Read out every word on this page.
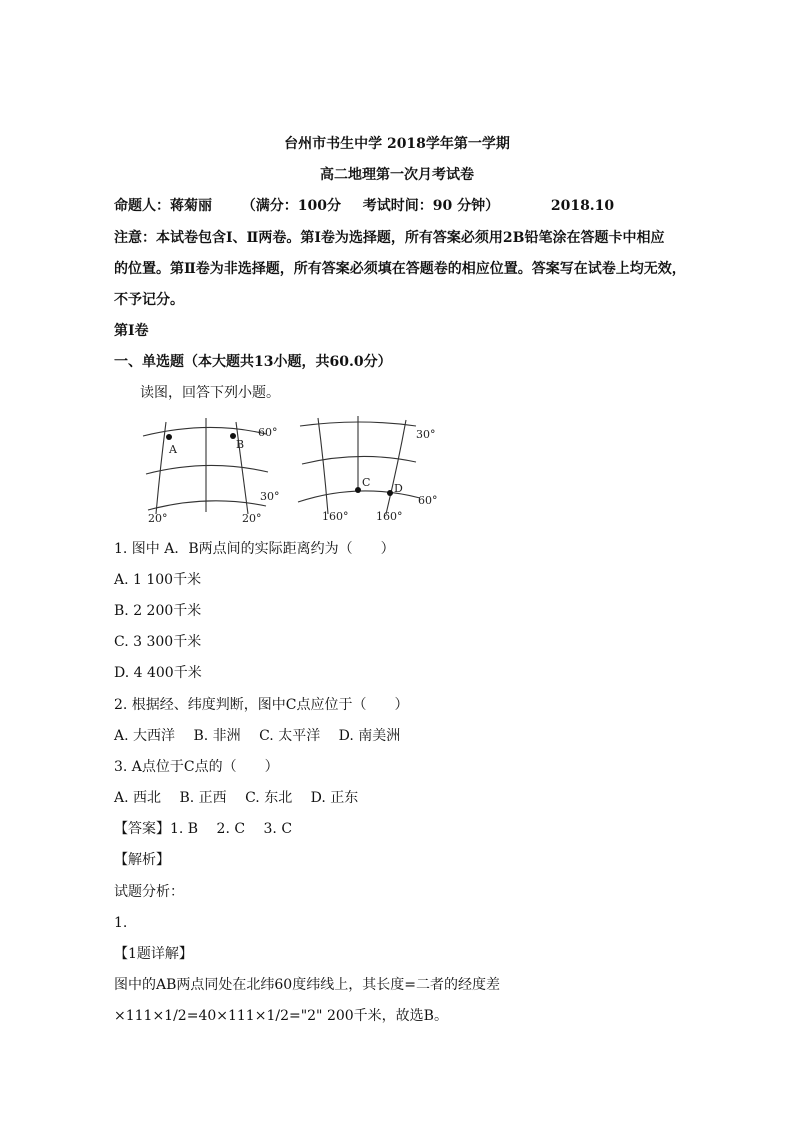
台州市书生中学 2018学年第一学期
高二地理第一次月考试卷
命题人：蒋菊丽 （满分：100分 考试时间：90 分钟）	2018.10
注意：本试卷包含Ⅰ、Ⅱ两卷。第Ⅰ卷为选择题，所有答案必须用2B铅笔涂在答题卡中相应
的位置。第Ⅱ卷为非选择题，所有答案必须填在答题卷的相应位置。答案写在试卷上均无效，
不予记分。
第Ⅰ卷
一、单选题（本大题共13小题，共60.0分）
读图，回答下列小题。
A	B
60°
30°
20°	20°
C D
30°
60°
160°	160°
1. 图中 A．B两点间的实际距离约为（　　）
A. 1 100千米
B. 2 200千米
C. 3 300千米
D. 4 400千米
2. 根据经、纬度判断，图中C点应位于（　　）
A. 大西洋　 B. 非洲　 C. 太平洋　 D. 南美洲
3. A点位于C点的（　　）
A. 西北　 B. 正西　 C. 东北　 D. 正东
【答案】1. B　 2. C　 3. C
【解析】
试题分析：
1.
【1题详解】
图中的AB两点同处在北纬60度纬线上，其长度=二者的经度差
×111×1/2=40×111×1/2="2" 200千米，故选B。
